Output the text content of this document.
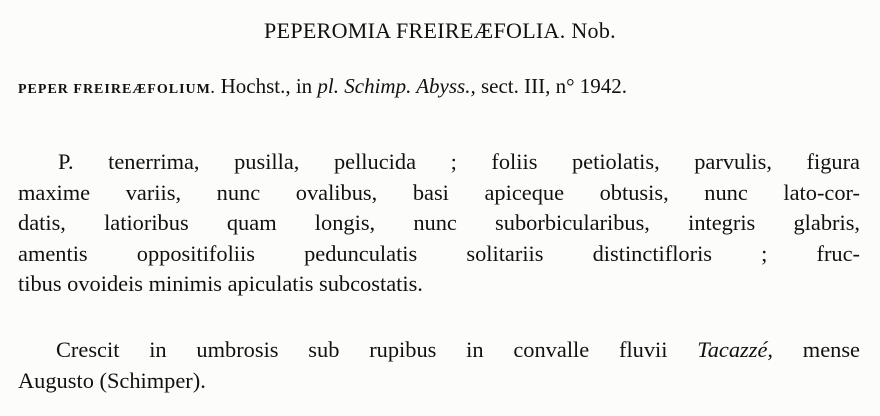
PEPEROMIA FREIREÆFOLIA. Nob.
PEPER FREIREÆFOLIUM. Hochst., in pl. Schimp. Abyss., sect. III, n° 1942.
P. tenerrima, pusilla, pellucida ; foliis petiolatis, parvulis, figura
maxime variis, nunc ovalibus, basi apiceque obtusis, nunc lato-cor-
datis, latioribus quam longis, nunc suborbicularibus, integris glabris,
amentis oppositifoliis pedunculatis solitariis distinctifloris ; fruc-
tibus ovoideis minimis apiculatis subcostatis.
Crescit in umbrosis sub rupibus in convalle fluvii Tacazzé, mense
Augusto (Schimper).
